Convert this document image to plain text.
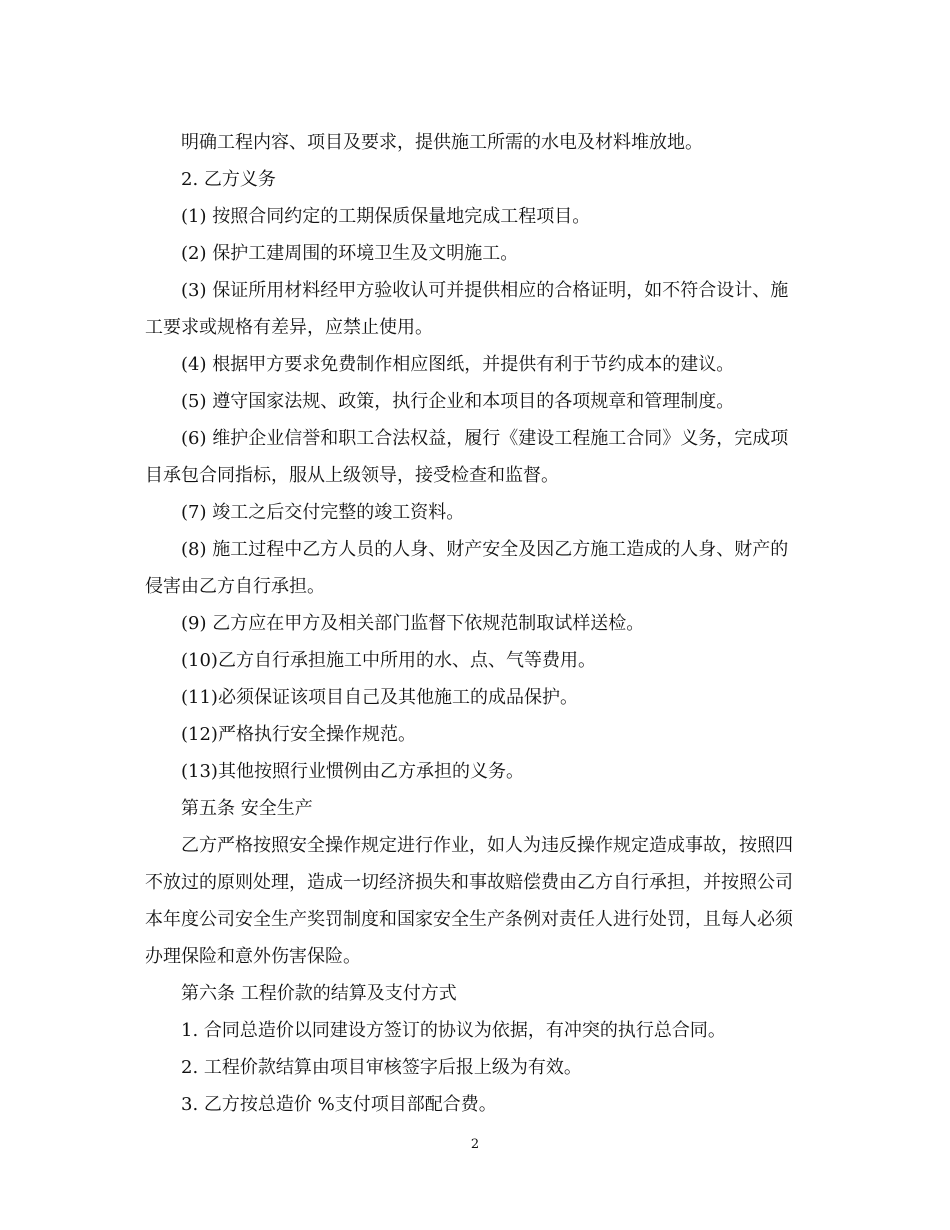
明确工程内容、项目及要求，提供施工所需的水电及材料堆放地。

2. 乙方义务

(1) 按照合同约定的工期保质保量地完成工程项目。

(2) 保护工建周围的环境卫生及文明施工。

(3) 保证所用材料经甲方验收认可并提供相应的合格证明，如不符合设计、施工要求或规格有差异，应禁止使用。

(4) 根据甲方要求免费制作相应图纸，并提供有利于节约成本的建议。

(5) 遵守国家法规、政策，执行企业和本项目的各项规章和管理制度。

(6) 维护企业信誉和职工合法权益，履行《建设工程施工合同》义务，完成项目承包合同指标，服从上级领导，接受检查和监督。

(7) 竣工之后交付完整的竣工资料。

(8) 施工过程中乙方人员的人身、财产安全及因乙方施工造成的人身、财产的侵害由乙方自行承担。

(9) 乙方应在甲方及相关部门监督下依规范制取试样送检。

(10)乙方自行承担施工中所用的水、点、气等费用。

(11)必须保证该项目自己及其他施工的成品保护。

(12)严格执行安全操作规范。

(13)其他按照行业惯例由乙方承担的义务。

第五条 安全生产

乙方严格按照安全操作规定进行作业，如人为违反操作规定造成事故，按照四不放过的原则处理，造成一切经济损失和事故赔偿费由乙方自行承担，并按照公司本年度公司安全生产奖罚制度和国家安全生产条例对责任人进行处罚，且每人必须办理保险和意外伤害保险。

第六条 工程价款的结算及支付方式

1. 合同总造价以同建设方签订的协议为依据，有冲突的执行总合同。

2. 工程价款结算由项目审核签字后报上级为有效。

3. 乙方按总造价 %支付项目部配合费。

2
